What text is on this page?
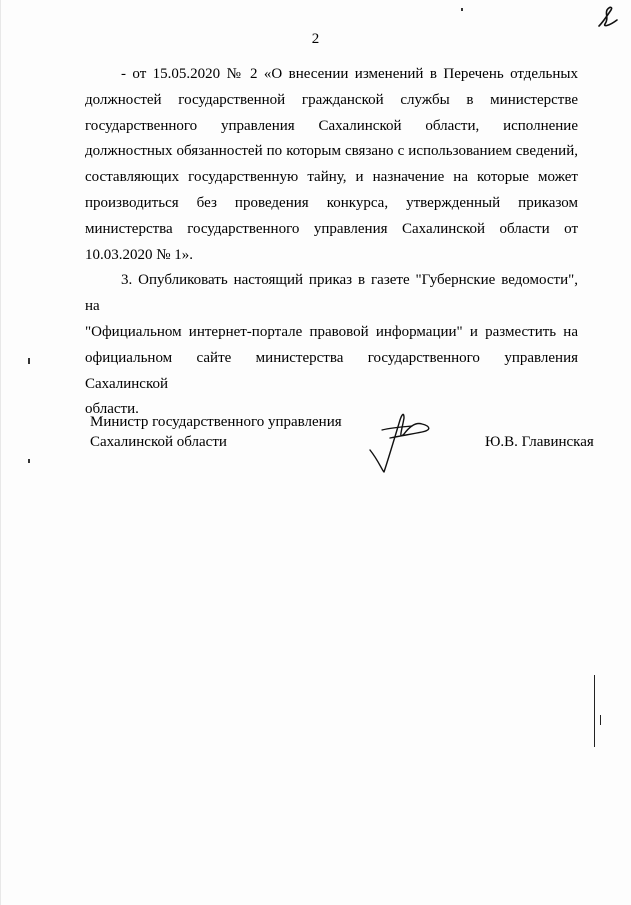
2
- от 15.05.2020 № 2 «О внесении изменений в Перечень отдельных
должностей государственной гражданской службы в министерстве
государственного управления Сахалинской области, исполнение
должностных обязанностей по которым связано с использованием сведений,
составляющих государственную тайну, и назначение на которые может
производиться без проведения конкурса, утвержденный приказом
министерства государственного управления Сахалинской области от
10.03.2020 № 1».
3. Опубликовать настоящий приказ в газете "Губернские ведомости", на
"Официальном интернет-портале правовой информации" и разместить на
официальном сайте министерства государственного управления Сахалинской
области.
Министр государственного управления
Сахалинской области	Ю.В. Главинская
